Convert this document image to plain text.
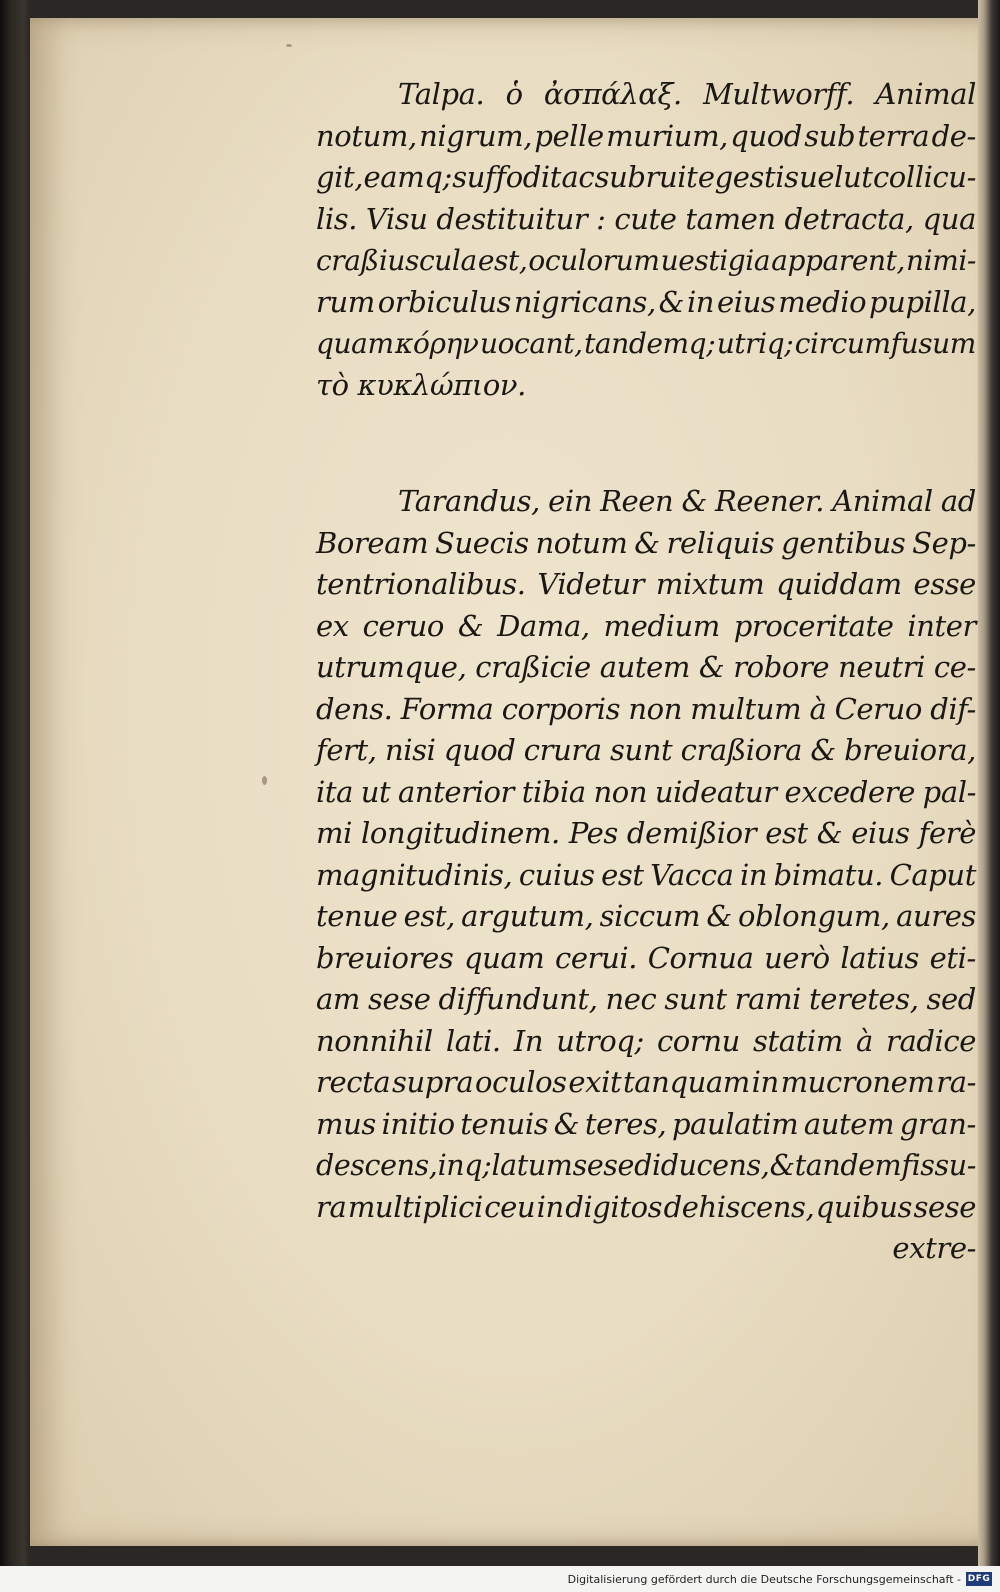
Talpa. ὁ ἀσπάλαξ. Multworff. Animal
notum, nigrum, pelle murium, quod sub terra de-
git, eamq; suffodit ac subruit egestis uelut collicu-
lis. Visu destituitur : cute tamen detracta, qua
craßiuscula est, oculorum uestigia apparent, nimi-
rum orbiculus nigricans, & in eius medio pupilla,
quam κόρην uocant, tandemq; utriq; circumfusum
τὸ κυκλώπιον.
Tarandus, ein Reen & Reener. Animal ad
Boream Suecis notum & reliquis gentibus Sep-
tentrionalibus. Videtur mixtum quiddam esse
ex ceruo & Dama, medium proceritate inter
utrumque, craßicie autem & robore neutri ce-
dens. Forma corporis non multum à Ceruo dif-
fert, nisi quod crura sunt craßiora & breuiora,
ita ut anterior tibia non uideatur excedere pal-
mi longitudinem. Pes demißior est & eius ferè
magnitudinis, cuius est Vacca in bimatu. Caput
tenue est, argutum, siccum & oblongum, aures
breuiores quam cerui. Cornua uerò latius eti-
am sese diffundunt, nec sunt rami teretes, sed
nonnihil lati. In utroq; cornu statim à radice
recta supra oculos exit tanquam in mucronem ra-
mus initio tenuis & teres, paulatim autem gran-
descens, inq; latum sese diducens, & tandem fissu-
ra multiplici ceu in digitos dehiscens, quibus sese
extre-
Digitalisierung gefördert durch die Deutsche Forschungsgemeinschaft - DFG
